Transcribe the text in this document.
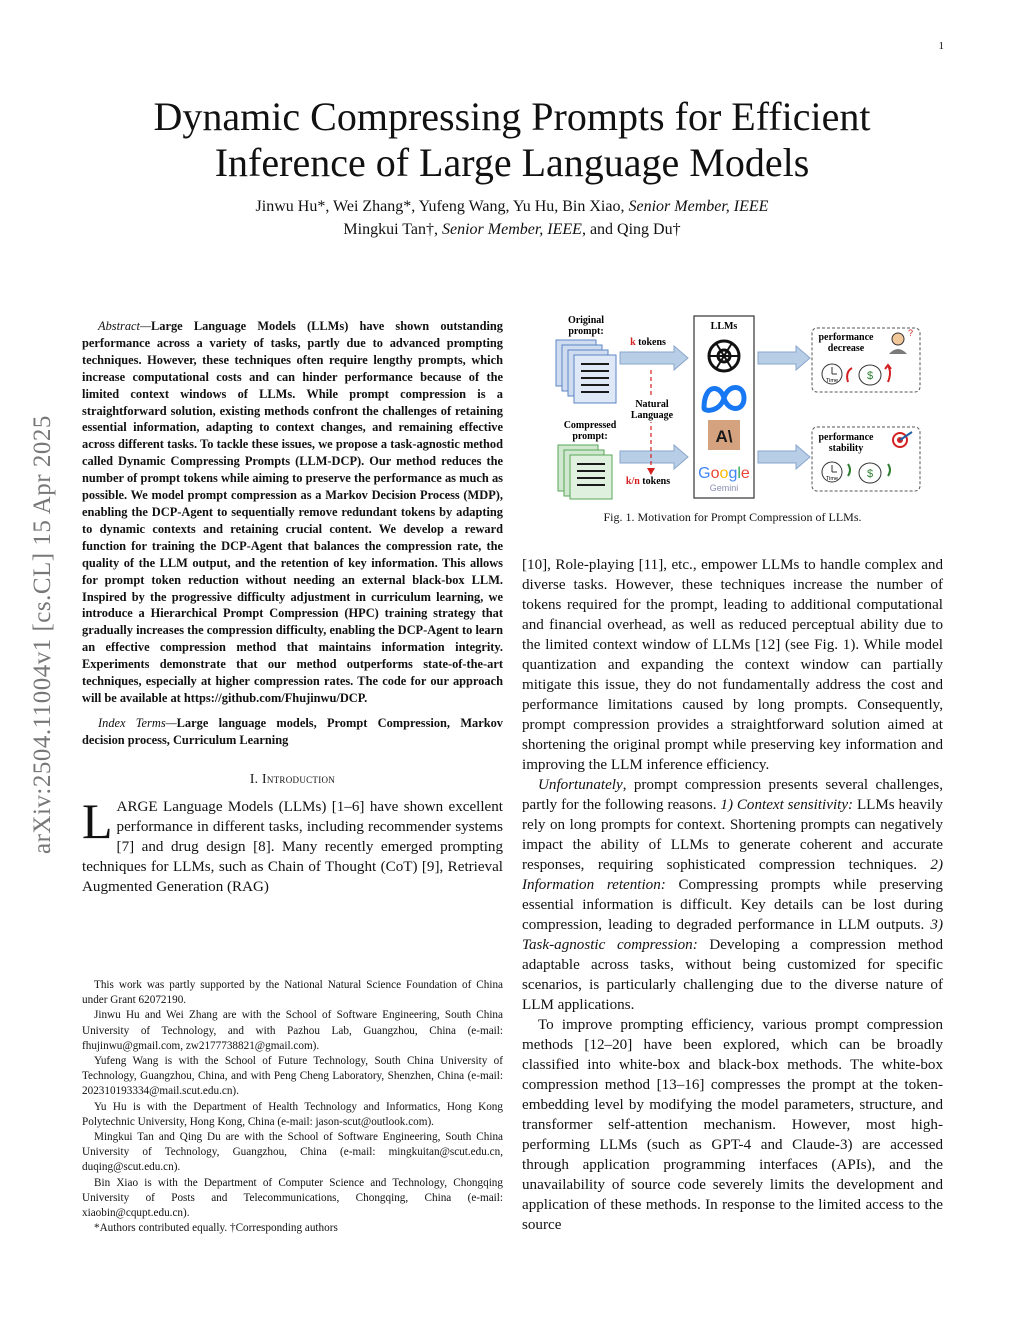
1
arXiv:2504.11004v1 [cs.CL] 15 Apr 2025
Dynamic Compressing Prompts for Efficient Inference of Large Language Models
Jinwu Hu*, Wei Zhang*, Yufeng Wang, Yu Hu, Bin Xiao, Senior Member, IEEE
Mingkui Tan†, Senior Member, IEEE, and Qing Du†

Abstract—Large Language Models (LLMs) have shown outstanding performance across a variety of tasks, partly due to advanced prompting techniques. However, these techniques often require lengthy prompts, which increase computational costs and can hinder performance because of the limited context windows of LLMs. While prompt compression is a straightforward solution, existing methods confront the challenges of retaining essential information, adapting to context changes, and remaining effective across different tasks. To tackle these issues, we propose a task-agnostic method called Dynamic Compressing Prompts (LLM-DCP). Our method reduces the number of prompt tokens while aiming to preserve the performance as much as possible. We model prompt compression as a Markov Decision Process (MDP), enabling the DCP-Agent to sequentially remove redundant tokens by adapting to dynamic contexts and retaining crucial content. We develop a reward function for training the DCP-Agent that balances the compression rate, the quality of the LLM output, and the retention of key information. This allows for prompt token reduction without needing an external black-box LLM. Inspired by the progressive difficulty adjustment in curriculum learning, we introduce a Hierarchical Prompt Compression (HPC) training strategy that gradually increases the compression difficulty, enabling the DCP-Agent to learn an effective compression method that maintains information integrity. Experiments demonstrate that our method outperforms state-of-the-art techniques, especially at higher compression rates. The code for our approach will be available at https://github.com/Fhujinwu/DCP.

Index Terms—Large language models, Prompt Compression, Markov decision process, Curriculum Learning

I. Introduction

LARGE Language Models (LLMs) [1–6] have shown excellent performance in different tasks, including recommender systems [7] and drug design [8]. Many recently emerged prompting techniques for LLMs, such as Chain of Thought (CoT) [9], Retrieval Augmented Generation (RAG)

This work was partly supported by the National Natural Science Foundation of China under Grant 62072190.

Jinwu Hu and Wei Zhang are with the School of Software Engineering, South China University of Technology, and with Pazhou Lab, Guangzhou, China (e-mail: fhujinwu@gmail.com, zw2177738821@gmail.com).

Yufeng Wang is with the School of Future Technology, South China University of Technology, Guangzhou, China, and with Peng Cheng Laboratory, Shenzhen, China (e-mail: 202310193334@mail.scut.edu.cn).

Yu Hu is with the Department of Health Technology and Informatics, Hong Kong Polytechnic University, Hong Kong, China (e-mail: jason-scut@outlook.com).

Mingkui Tan and Qing Du are with the School of Software Engineering, South China University of Technology, Guangzhou, China (e-mail: mingkuitan@scut.edu.cn, duqing@scut.edu.cn).

Bin Xiao is with the Department of Computer Science and Technology, Chongqing University of Posts and Telecommunications, Chongqing, China (e-mail: xiaobin@cqupt.edu.cn).

*Authors contributed equally. †Corresponding authors

Original
prompt:
Compressed
prompt:
k tokens
k/n tokens
Natural
Language
LLMs
A\
Google
Gemini
performance
decrease
?
Time	$
performance
stability
Time	$
Fig. 1. Motivation for Prompt Compression of LLMs.

[10], Role-playing [11], etc., empower LLMs to handle complex and diverse tasks. However, these techniques increase the number of tokens required for the prompt, leading to additional computational and financial overhead, as well as reduced perceptual ability due to the limited context window of LLMs [12] (see Fig. 1). While model quantization and expanding the context window can partially mitigate this issue, they do not fundamentally address the cost and performance limitations caused by long prompts. Consequently, prompt compression provides a straightforward solution aimed at shortening the original prompt while preserving key information and improving the LLM inference efficiency.

Unfortunately, prompt compression presents several challenges, partly for the following reasons. 1) Context sensitivity: LLMs heavily rely on long prompts for context. Shortening prompts can negatively impact the ability of LLMs to generate coherent and accurate responses, requiring sophisticated compression techniques. 2) Information retention: Compressing prompts while preserving essential information is difficult. Key details can be lost during compression, leading to degraded performance in LLM outputs. 3) Task-agnostic compression: Developing a compression method adaptable across tasks, without being customized for specific scenarios, is particularly challenging due to the diverse nature of LLM applications.

To improve prompting efficiency, various prompt compression methods [12–20] have been explored, which can be broadly classified into white-box and black-box methods. The white-box compression method [13–16] compresses the prompt at the token-embedding level by modifying the model parameters, structure, and transformer self-attention mechanism. However, most high-performing LLMs (such as GPT-4 and Claude-3) are accessed through application programming interfaces (APIs), and the unavailability of source code severely limits the development and application of these methods. In response to the limited access to the source
